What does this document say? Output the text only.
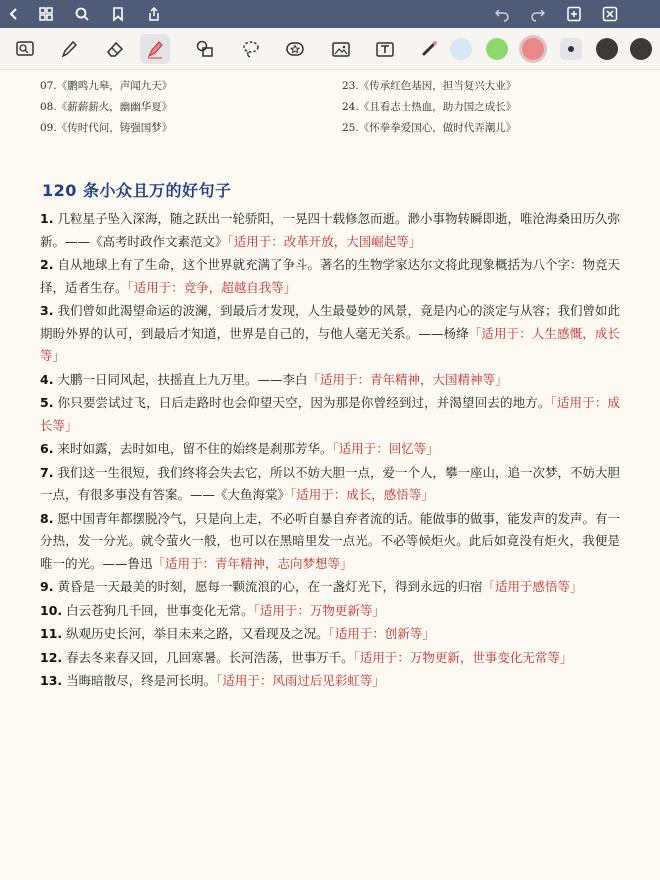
07.《鹏鸣九皋，声闻九天》
08.《薪薪薪火，幽幽华夏》
09.《传时代问，铸强国梦》
23.《传承红色基因，担当复兴大业》
24.《且看志士热血，助力国之成长》
25.《怀拳拳爱国心，做时代弄潮儿》
120 条小众且万的好句子
1. 几粒星子坠入深海，随之跃出一轮骄阳，一晃四十载修忽而逝。渺小事物转瞬即逝，唯沧海桑田历久弥新。——《高考时政作文素范文》「适用于：改革开放，大国崛起等」
2. 自从地球上有了生命，这个世界就充满了争斗。著名的生物学家达尔文将此现象概括为八个字：物竞天择，适者生存。「适用于：竞争，超越自我等」
3. 我们曾如此渴望命运的波澜，到最后才发现，人生最曼妙的风景，竟是内心的淡定与从容；我们曾如此期盼外界的认可，到最后才知道，世界是自己的，与他人毫无关系。——杨绛「适用于：人生感慨，成长等」
4. 大鹏一日同风起，扶摇直上九万里。——李白「适用于：青年精神，大国精神等」
5. 你只要尝试过飞，日后走路时也会仰望天空，因为那是你曾经到过，并渴望回去的地方。「适用于：成长等」
6. 来时如露，去时如电，留不住的始终是刹那芳华。「适用于：回忆等」
7. 我们这一生很短，我们终将会失去它，所以不妨大胆一点，爱一个人，攀一座山，追一次梦，不妨大胆一点，有很多事没有答案。——《大鱼海棠》「适用于：成长，感悟等」
8. 愿中国青年都摆脱冷气，只是向上走，不必听自暴自弃者流的话。能做事的做事，能发声的发声。有一分热，发一分光。就令萤火一般，也可以在黑暗里发一点光。不必等候炬火。此后如竟没有炬火，我便是唯一的光。——鲁迅「适用于：青年精神，志向梦想等」
9. 黄昏是一天最美的时刻，愿每一颗流浪的心，在一盏灯光下，得到永远的归宿「适用于感悟等」
10. 白云苍狗几千回，世事变化无常。「适用于：万物更新等」
11. 纵观历史长河，举目未来之路，又看现及之况。「适用于：创新等」
12. 春去冬来春又回，几回寒暑。长河浩荡，世事万千。「适用于：万物更新，世事变化无常等」
13. 当晦暗散尽，终是河长明。「适用于：风雨过后见彩虹等」
